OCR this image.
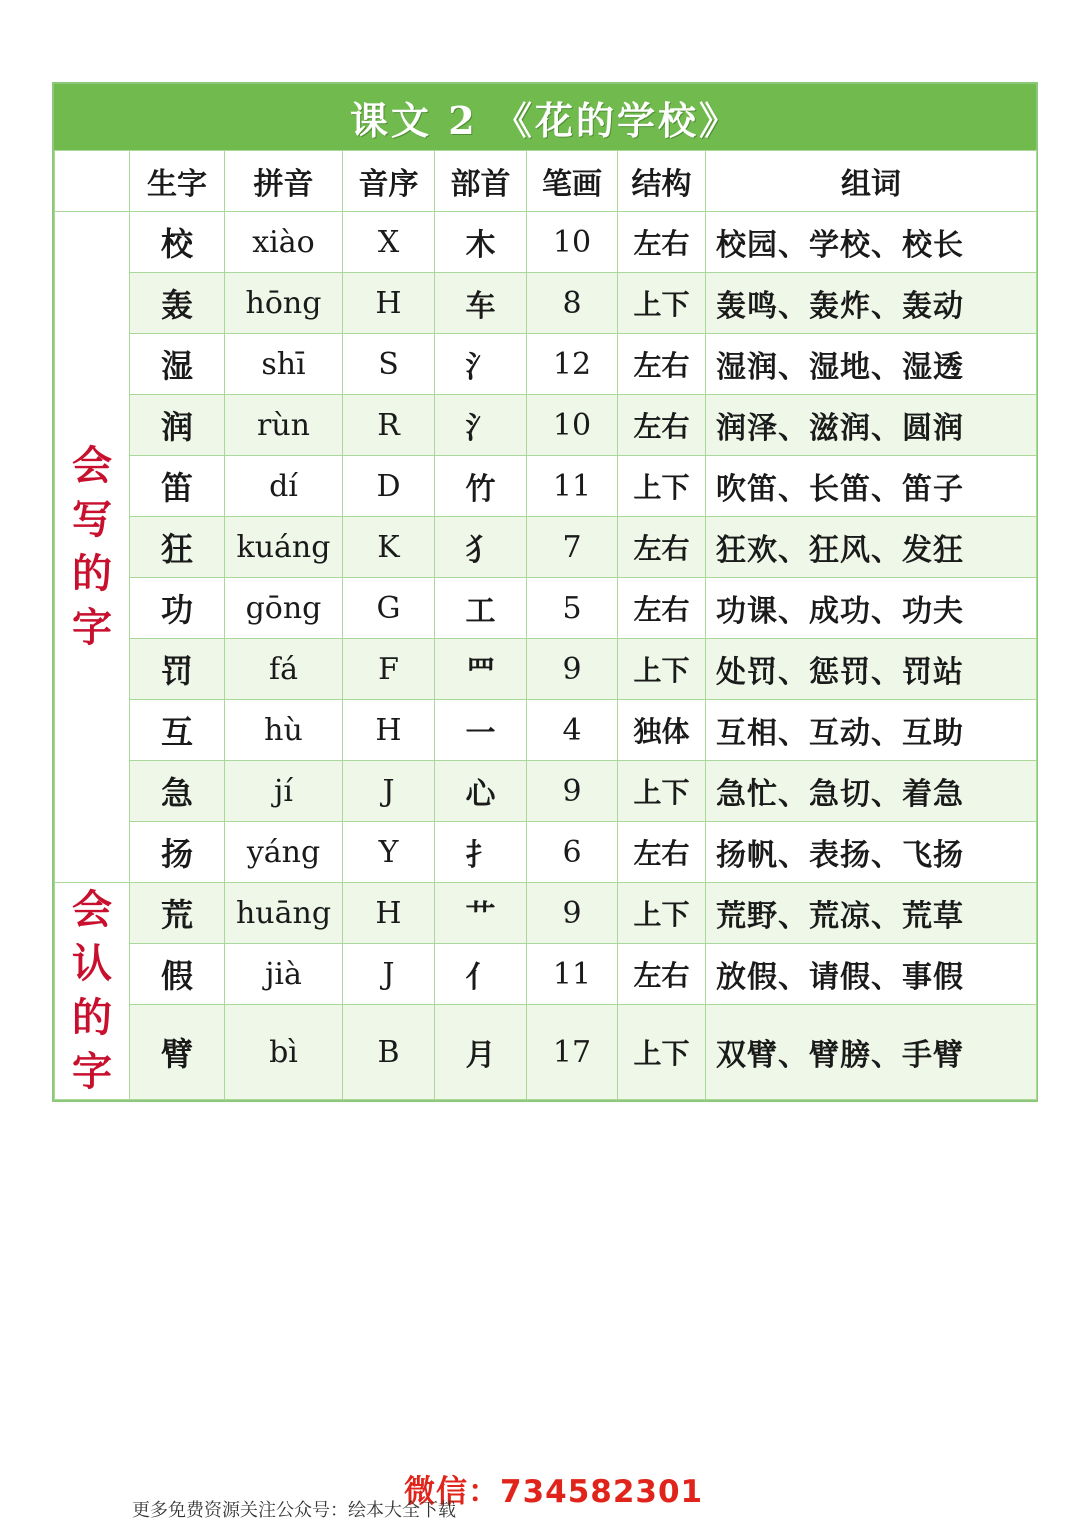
课文 2 《花的学校》
	生字	拼音	音序	部首	笔画	结构	组词

会
写
的
字	校	xiào	X	木	10	左右	校园、学校、校长
	轰	hōng	H	车	8	上下	轰鸣、轰炸、轰动
	湿	shī	S	氵	12	左右	湿润、湿地、湿透
	润	rùn	R	氵	10	左右	润泽、滋润、圆润
	笛	dí	D	竹	11	上下	吹笛、长笛、笛子
	狂	kuáng	K	犭	7	左右	狂欢、狂风、发狂
	功	gōng	G	工	5	左右	功课、成功、功夫
	罚	fá	F	罒	9	上下	处罚、惩罚、罚站
	互	hù	H	一	4	独体	互相、互动、互助
	急	jí	J	心	9	上下	急忙、急切、着急
	扬	yáng	Y	扌	6	左右	扬帆、表扬、飞扬

会
认
的
字	荒	huāng	H	艹	9	上下	荒野、荒凉、荒草
	假	jià	J	亻	11	左右	放假、请假、事假
	臂	bì	B	月	17	上下	双臂、臂膀、手臂
微信：734582301
更多免费资源关注公众号：绘本大全下载
